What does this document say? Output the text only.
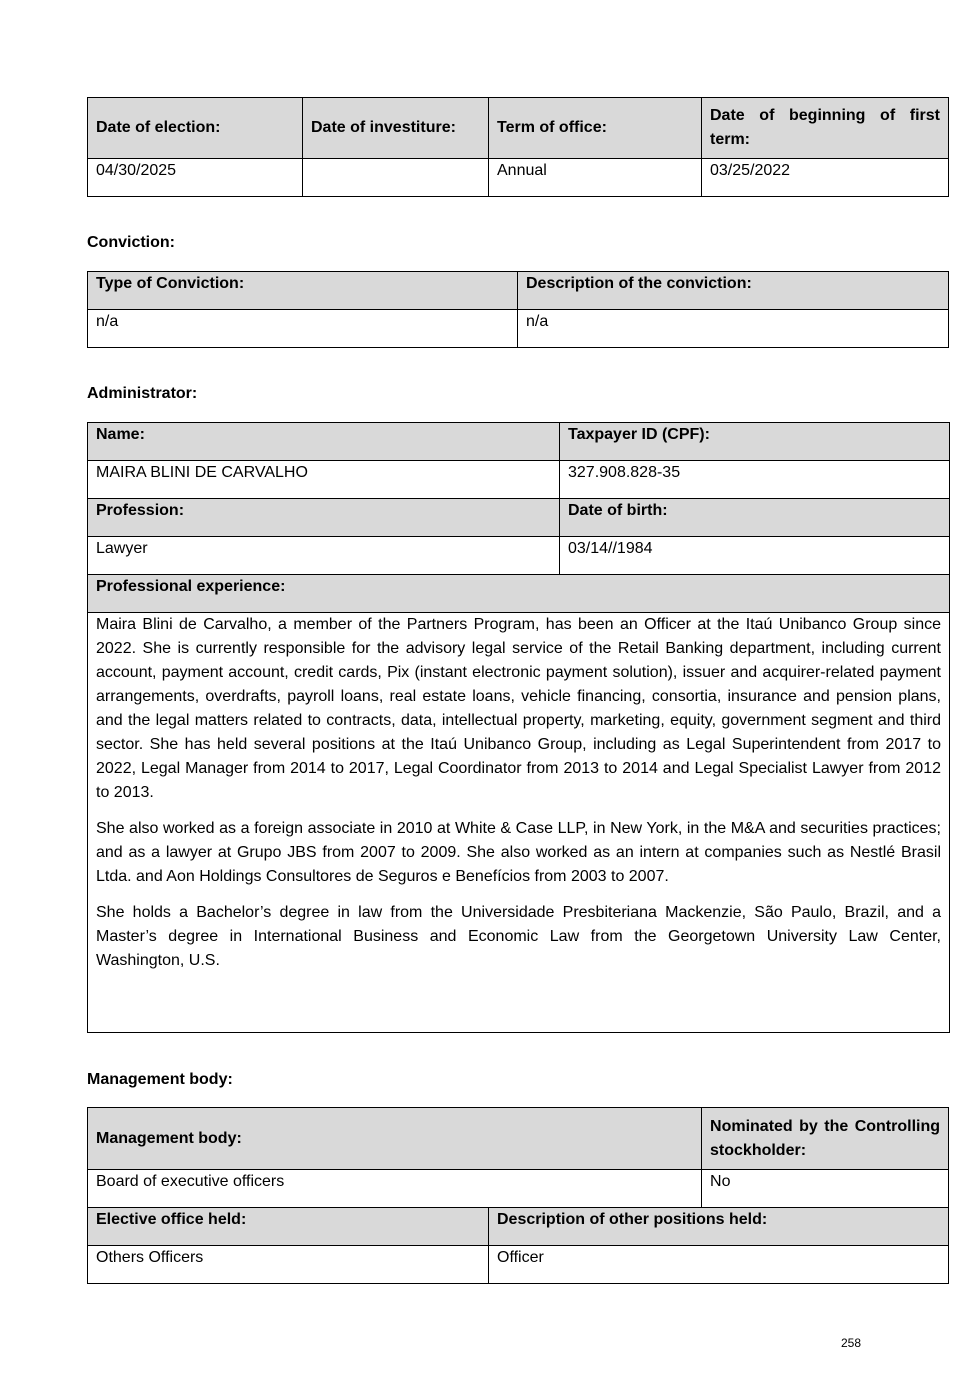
Date of election:	Date of investiture:	Term of office:	Date of beginning of first term:
04/30/2025		Annual	03/25/2022
Conviction:
Type of Conviction:	Description of the conviction:
n/a	n/a
Administrator:
Name:	Taxpayer ID (CPF):
MAIRA BLINI DE CARVALHO	327.908.828-35
Profession:	Date of birth:
Lawyer	03/14//1984
Professional experience:	

Maira Blini de Carvalho, a member of the Partners Program, has been an Officer at the Itaú Unibanco Group since 2022. She is currently responsible for the advisory legal service of the Retail Banking department, including current account, payment account, credit cards, Pix (instant electronic payment solution), issuer and acquirer-related payment arrangements, overdrafts, payroll loans, real estate loans, vehicle financing, consortia, insurance and pension plans, and the legal matters related to contracts, data, intellectual property, marketing, equity, government segment and third sector. She has held several positions at the Itaú Unibanco Group, including as Legal Superintendent from 2017 to 2022, Legal Manager from 2014 to 2017, Legal Coordinator from 2013 to 2014 and Legal Specialist Lawyer from 2012 to 2013.

She also worked as a foreign associate in 2010 at White & Case LLP, in New York, in the M&A and securities practices; and as a lawyer at Grupo JBS from 2007 to 2009. She also worked as an intern at companies such as Nestlé Brasil Ltda. and Aon Holdings Consultores de Seguros e Benefícios from 2003 to 2007.

She holds a Bachelor’s degree in law from the Universidade Presbiteriana Mackenzie, São Paulo, Brazil, and a Master’s degree in International Business and Economic Law from the Georgetown University Law Center, Washington, U.S.	

Management body:
Management body:		Nominated by the Controlling stockholder:
Board of executive officers		No
Elective office held:	Description of other positions held:	
Others Officers	Officer	
258
